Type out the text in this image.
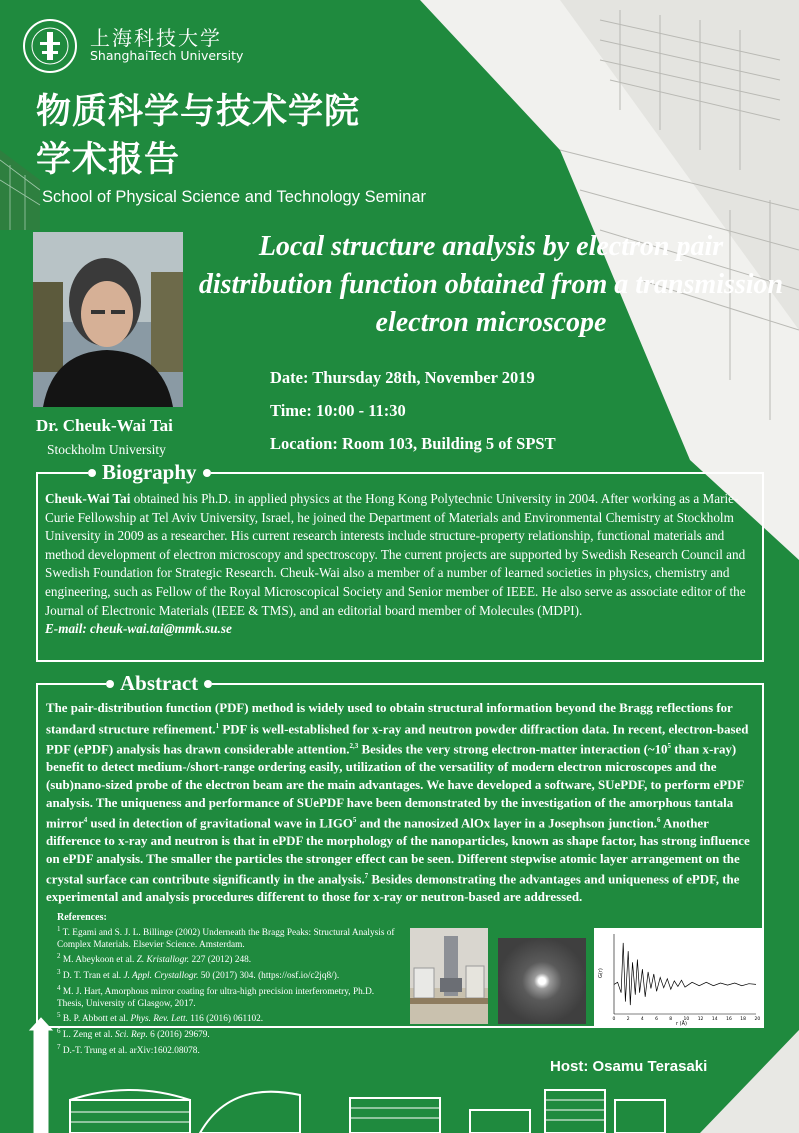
上海科技大学
ShanghaiTech University
物质科学与技术学院
学术报告
School of Physical Science and Technology Seminar
Local structure analysis by electron pair distribution function obtained from a transmission electron microscope
Dr. Cheuk-Wai Tai
Stockholm University
Date: Thursday 28th, November 2019
Time: 10:00 - 11:30
Location: Room 103, Building 5 of SPST
Biography
Cheuk-Wai Tai obtained his Ph.D. in applied physics at the Hong Kong Polytechnic University in 2004. After working as a Marie-Curie Fellowship at Tel Aviv University, Israel, he joined the Department of Materials and Environmental Chemistry at Stockholm University in 2009 as a researcher. His current research interests include structure-property relationship, functional materials and method development of electron microscopy and spectroscopy. The current projects are supported by Swedish Research Council and Swedish Foundation for Strategic Research. Cheuk-Wai also a member of a number of learned societies in physics, chemistry and engineering, such as Fellow of the Royal Microscopical Society and Senior member of IEEE. He also serve as associate editor of the Journal of Electronic Materials (IEEE & TMS), and an editorial board member of Molecules (MDPI).
E-mail: cheuk-wai.tai@mmk.su.se
Abstract
The pair-distribution function (PDF) method is widely used to obtain structural information beyond the Bragg reflections for standard structure refinement.$^1$ PDF is well-established for x-ray and neutron powder diffraction data. In recent, electron-based PDF (ePDF) analysis has drawn considerable attention.$^{2,3}$ Besides the very strong electron-matter interaction ($\sim 10^5$ than x-ray) benefit to detect medium-/short-range ordering easily, utilization of the versatility of modern electron microscopes and the (sub)nano-sized probe of the electron beam are the main advantages. We have developed a software, SUePDF, to perform ePDF analysis. The uniqueness and performance of SUePDF have been demonstrated by the investigation of the amorphous tantala mirror$^4$ used in detection of gravitational wave in LIGO$^5$ and the nanosized AlOx layer in a Josephson junction.$^6$ Another difference to x-ray and neutron is that in ePDF the morphology of the nanoparticles, known as shape factor, has strong influence on ePDF analysis. The smaller the particles the stronger effect can be seen. Different stepwise atomic layer arrangement on the crystal surface can contribute significantly in the analysis.$^7$ Besides demonstrating the advantages and uniqueness of ePDF, the experimental and analysis procedures different to those for x-ray or neutron-based are addressed.
References:
$^1$ T. Egami and S. J. L. Billinge (2002) Underneath the Bragg Peaks: Structural Analysis of Complex Materials. Elsevier Science. Amsterdam.
$^2$ M. Abeykoon et al. Z. Kristallogr. 227 (2012) 248.
$^3$ D. T. Tran et al. J. Appl. Crystallogr. 50 (2017) 304. (https://osf.io/c2jq8/).
$^4$ M. J. Hart, Amorphous mirror coating for ultra-high precision interferometry, Ph.D. Thesis, University of Glasgow, 2017.
$^5$ B. P. Abbott et al. Phys. Rev. Lett. 116 (2016) 061102.
$^6$ L. Zeng et al. Sci. Rep. 6 (2016) 29679.
$^7$ D.-T. Trung et al. arXiv:1602.08078.
G(r)
r (Å)
0	2	4	6	8	10 12 14 16 18 20
Host: Osamu Terasaki
